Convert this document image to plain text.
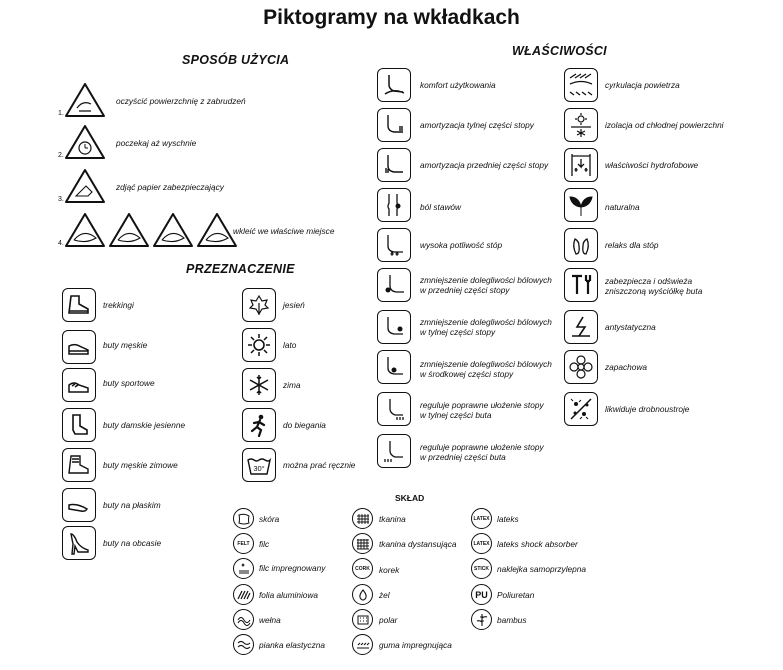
Piktogramy na wkładkach
SPOSÓB UŻYCIA
1.
oczyścić powierzchnię z zabrudzeń
2.
poczekaj aż wyschnie
3.
zdjąć papier zabezpieczający
4.
wkleić we właściwe miejsce
PRZEZNACZENIE
trekkingi
buty męskie
buty sportowe
buty damskie jesienne
buty męskie zimowe
buty na płaskim
buty na obcasie
jesień
lato
zima
do biegania
30° można prać ręcznie
WŁAŚCIWOŚCI
komfort użytkowania
amortyzacja tylnej części stopy
amortyzacja przedniej części stopy
ból stawów
wysoka potliwość stóp
zmniejszenie dolegliwości bólowych
w przedniej części stopy
zmniejszenie dolegliwości bólowych
w tylnej części stopy
zmniejszenie dolegliwości bólowych
w środkowej części stopy
reguluje poprawne ułożenie stopy
w tylnej części buta
reguluje poprawne ułożenie stopy
w przedniej części buta
cyrkulacja powietrza
izolacja od chłodnej powierzchni
właściwości hydrofobowe
naturalna
relaks dla stóp
zabezpiecza i odświeża
zniszczoną wyściółkę buta
antystatyczna
zapachowa
likwiduje drobnoustroje
SKŁAD
skóra
FELT filc
filc impregnowany
folia aluminiowa
wełna
pianka elastyczna
tkanina
tkanina dystansująca
CORK korek
żel
polar
guma impregnująca
LATEX lateks
LATEX lateks shock absorber
STICK naklejka samoprzylepna
PU Poliuretan
bambus
